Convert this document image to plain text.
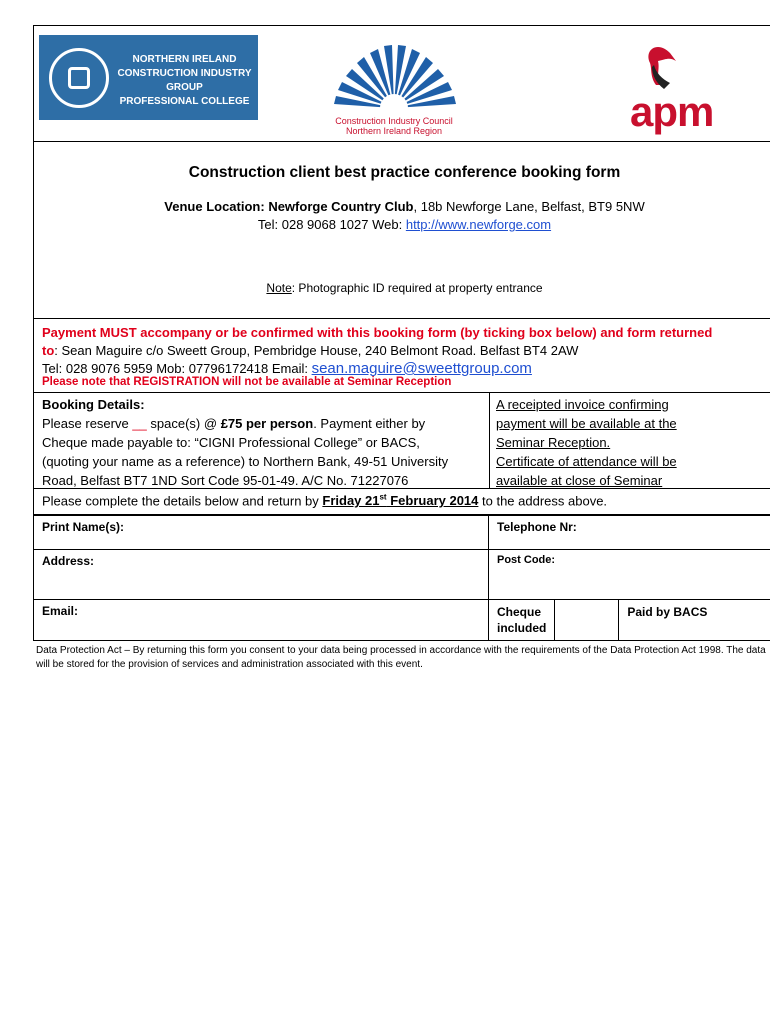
NORTHERN IRELAND
CONSTRUCTION INDUSTRY
GROUP
PROFESSIONAL COLLEGE
Construction Industry Council
Northern Ireland Region	apm
Construction client best practice conference booking form
Venue Location: Newforge Country Club, 18b Newforge Lane, Belfast, BT9 5NW
Tel: 028 9068 1027 Web: http://www.newforge.com
Note: Photographic ID required at property entrance
Payment MUST accompany or be confirmed with this booking form (by ticking box below) and form returned
to: Sean Maguire c/o Sweett Group, Pembridge House, 240 Belmont Road. Belfast BT4 2AW
Tel: 028 9076 5959 Mob: 07796172418 Email: sean.maguire@sweettgroup.com
Please note that REGISTRATION will not be available at Seminar Reception
Booking Details:
Please reserve __ space(s) @ £75 per person. Payment either by
Cheque made payable to: “CIGNI Professional College” or BACS,
(quoting your name as a reference) to Northern Bank, 49-51 University
Road, Belfast BT7 1ND Sort Code 95-01-49. A/C No. 71227076
A receipted invoice confirming
payment will be available at the
Seminar Reception.
Certificate of attendance will be
available at close of Seminar
Please complete the details below and return by Friday 21st February 2014 to the address above.
Print Name(s):	Telephone Nr:		
Address:	Post Code:		
Email:	Cheque included		Paid by BACS
Data Protection Act – By returning this form you consent to your data being processed in accordance with the requirements of the Data Protection Act 1998. The data will be stored for the provision of services and administration associated with this event.
